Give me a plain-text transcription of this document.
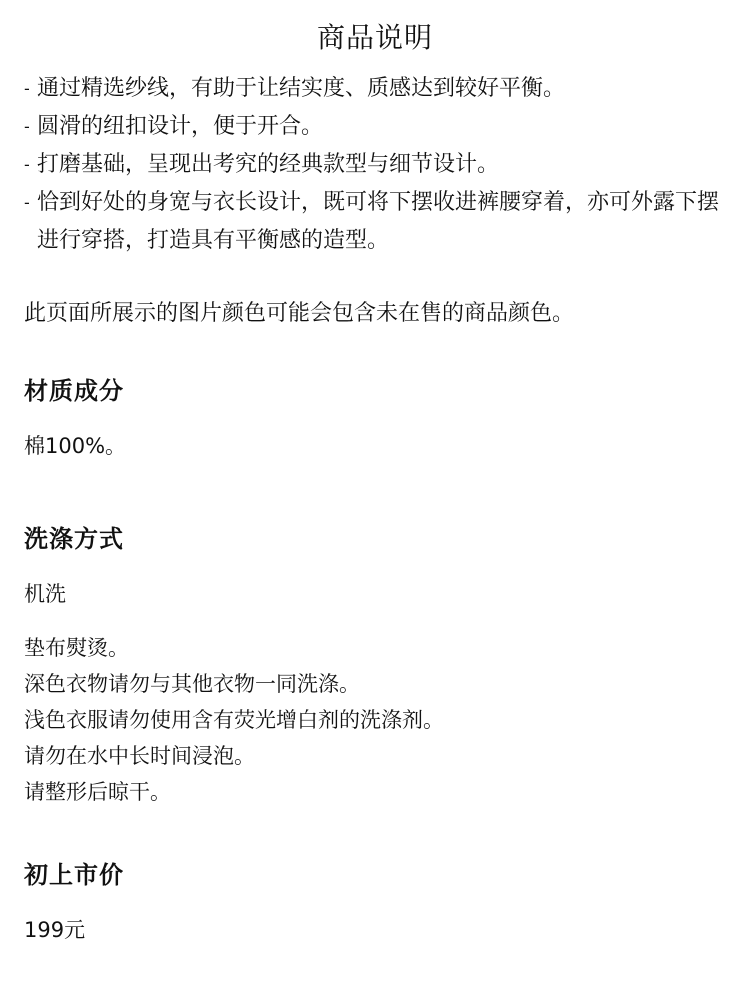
商品说明
- 通过精选纱线，有助于让结实度、质感达到较好平衡。
- 圆滑的纽扣设计，便于开合。
- 打磨基础，呈现出考究的经典款型与细节设计。
- 恰到好处的身宽与衣长设计，既可将下摆收进裤腰穿着，亦可外露下摆进行穿搭，打造具有平衡感的造型。

此页面所展示的图片颜色可能会包含未在售的商品颜色。

材质成分

棉100%。

洗涤方式

机洗

垫布熨烫。

深色衣物请勿与其他衣物一同洗涤。

浅色衣服请勿使用含有荧光增白剂的洗涤剂。

请勿在水中长时间浸泡。

请整形后晾干。

初上市价

199元
